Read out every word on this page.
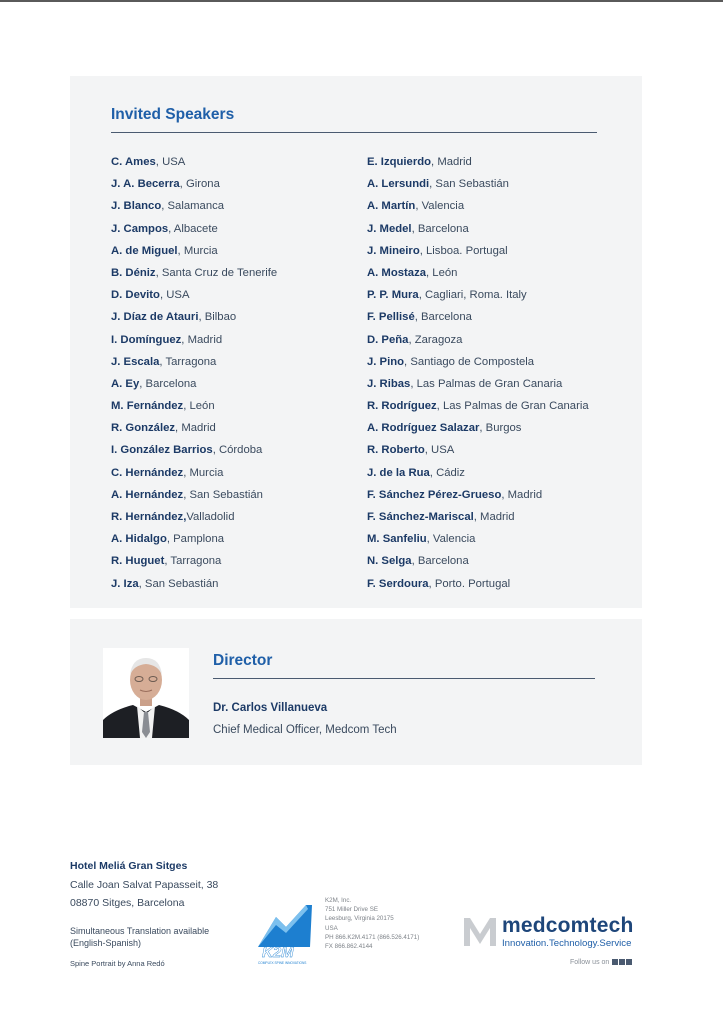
Invited Speakers
C. Ames, USA
J. A. Becerra, Girona
J. Blanco, Salamanca
J. Campos, Albacete
A. de Miguel, Murcia
B. Déniz, Santa Cruz de Tenerife
D. Devito, USA
J. Díaz de Atauri, Bilbao
I. Domínguez, Madrid
J. Escala, Tarragona
A. Ey, Barcelona
M. Fernández, León
R. González, Madrid
I. González Barrios, Córdoba
C. Hernández, Murcia
A. Hernández, San Sebastián
R. Hernández,Valladolid
A. Hidalgo, Pamplona
R. Huguet, Tarragona
J. Iza, San Sebastián
E. Izquierdo, Madrid
A. Lersundi, San Sebastián
A. Martín, Valencia
J. Medel, Barcelona
J. Mineiro, Lisboa. Portugal
A. Mostaza, León
P. P. Mura, Cagliari, Roma. Italy
F. Pellisé, Barcelona
D. Peña, Zaragoza
J. Pino, Santiago de Compostela
J. Ribas, Las Palmas de Gran Canaria
R. Rodríguez, Las Palmas de Gran Canaria
A. Rodríguez Salazar, Burgos
R. Roberto, USA
J. de la Rua, Cádiz
F. Sánchez Pérez-Grueso, Madrid
F. Sánchez-Mariscal, Madrid
M. Sanfeliu, Valencia
N. Selga, Barcelona
F. Serdoura, Porto. Portugal
Director
Dr. Carlos Villanueva
Chief Medical Officer, Medcom Tech
Hotel Meliá Gran Sitges
Calle Joan Salvat Papasseit, 38
08870 Sitges, Barcelona
Simultaneous Translation available
(English-Spanish)
Spine Portrait by Anna Redó
K2M
COMPLEX SPINE INNOVATIONS
K2M, Inc.
751 Miller Drive SE
Leesburg, Virginia 20175
USA
PH 866.K2M.4171 (866.526.4171)
FX 866.862.4144
medcomtech
Innovation.Technology.Service
Follow us on
